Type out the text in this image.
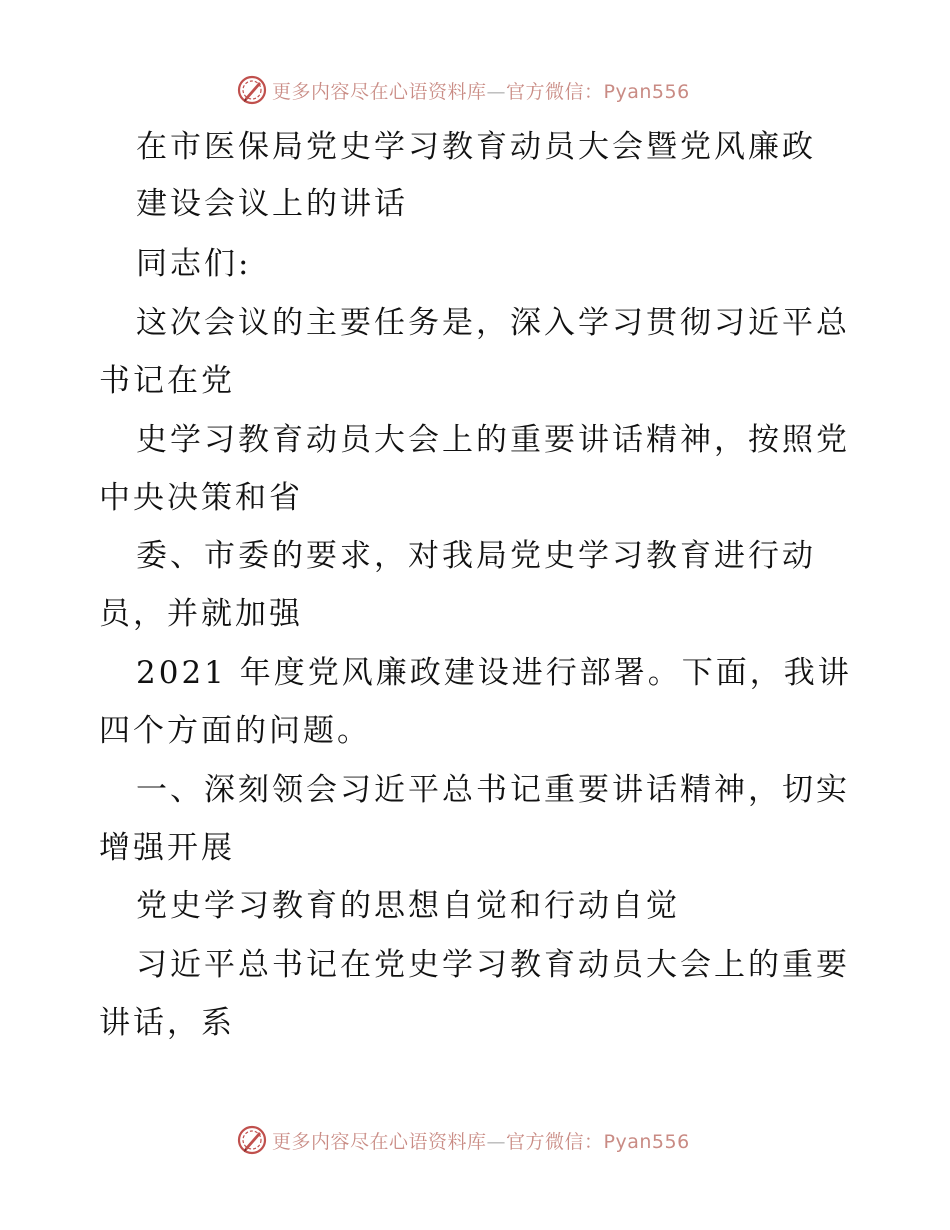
更多内容尽在心语资料库—官方微信：Pyan556
在市医保局党史学习教育动员大会暨党风廉政
建设会议上的讲话
同志们:
这次会议的主要任务是，深入学习贯彻习近平总
书记在党
史学习教育动员大会上的重要讲话精神，按照党
中央决策和省
委、市委的要求，对我局党史学习教育进行动
员，并就加强
2021 年度党风廉政建设进行部署。下面，我讲
四个方面的问题。
一、深刻领会习近平总书记重要讲话精神，切实
增强开展
党史学习教育的思想自觉和行动自觉
习近平总书记在党史学习教育动员大会上的重要
讲话，系
更多内容尽在心语资料库—官方微信：Pyan556
